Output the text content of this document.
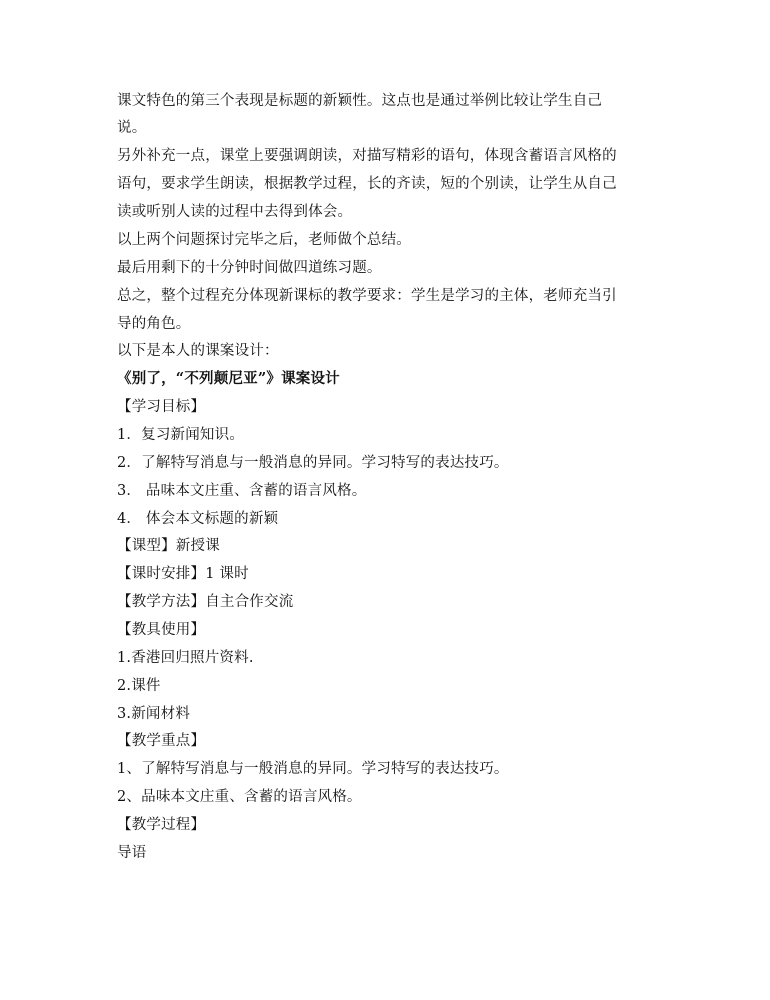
课文特色的第三个表现是标题的新颖性。这点也是通过举例比较让学生自己
说。
另外补充一点，课堂上要强调朗读，对描写精彩的语句，体现含蓄语言风格的
语句，要求学生朗读，根据教学过程，长的齐读，短的个别读，让学生从自己
读或听别人读的过程中去得到体会。
以上两个问题探讨完毕之后，老师做个总结。
最后用剩下的十分钟时间做四道练习题。
总之，整个过程充分体现新课标的教学要求：学生是学习的主体，老师充当引
导的角色。
以下是本人的课案设计：
《别了，“不列颠尼亚”》课案设计
【学习目标】
1．复习新闻知识。
2．了解特写消息与一般消息的异同。学习特写的表达技巧。
3． 品味本文庄重、含蓄的语言风格。
4． 体会本文标题的新颖
【课型】新授课
【课时安排】1 课时
【教学方法】自主合作交流
【教具使用】
1.香港回归照片资料.
2.课件
3.新闻材料
【教学重点】
1、了解特写消息与一般消息的异同。学习特写的表达技巧。
2、品味本文庄重、含蓄的语言风格。
【教学过程】
导语
